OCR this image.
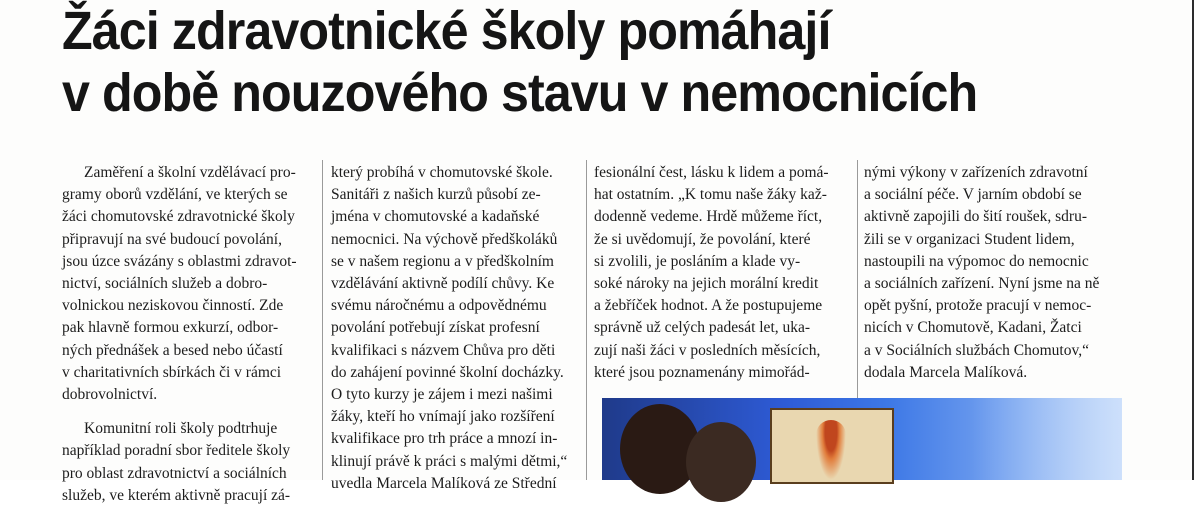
Žáci zdravotnické školy pomáhají
v době nouzového stavu v nemocnicích
Zaměření a školní vzdělávací pro-
gramy oborů vzdělání, ve kterých se
žáci chomutovské zdravotnické školy
připravují na své budoucí povolání,
jsou úzce svázány s oblastmi zdravot-
nictví, sociálních služeb a dobro-
volnickou neziskovou činností. Zde
pak hlavně formou exkurzí, odbor-
ných přednášek a besed nebo účastí
v charitativních sbírkách či v rámci
dobrovolnictví.
Komunitní roli školy podtrhuje
například poradní sbor ředitele školy
pro oblast zdravotnictví a sociálních
služeb, ve kterém aktivně pracují zá-
který probíhá v chomutovské škole.
Sanitáři z našich kurzů působí ze-
jména v chomutovské a kadaňské
nemocnici. Na výchově předškoláků
se v našem regionu a v předškolním
vzdělávání aktivně podílí chůvy. Ke
svému náročnému a odpovědnému
povolání potřebují získat profesní
kvalifikaci s názvem Chůva pro děti
do zahájení povinné školní docházky.
O tyto kurzy je zájem i mezi našimi
žáky, kteří ho vnímají jako rozšíření
kvalifikace pro trh práce a mnozí in-
klinují právě k práci s malými dětmi,“
uvedla Marcela Malíková ze Střední
fesionální čest, lásku k lidem a pomá-
hat ostatním. „K tomu naše žáky kaž-
dodenně vedeme. Hrdě můžeme říct,
že si uvědomují, že povolání, které
si zvolili, je posláním a klade vy-
soké nároky na jejich morální kredit
a žebříček hodnot. A že postupujeme
správně už celých padesát let, uka-
zují naši žáci v posledních měsících,
které jsou poznamenány mimořád-
nými výkony v zařízeních zdravotní
a sociální péče. V jarním období se
aktivně zapojili do šití roušek, sdru-
žili se v organizaci Student lidem,
nastoupili na výpomoc do nemocnic
a sociálních zařízení. Nyní jsme na ně
opět pyšní, protože pracují v nemoc-
nicích v Chomutově, Kadani, Žatci
a v Sociálních službách Chomutov,“
dodala Marcela Malíková.
